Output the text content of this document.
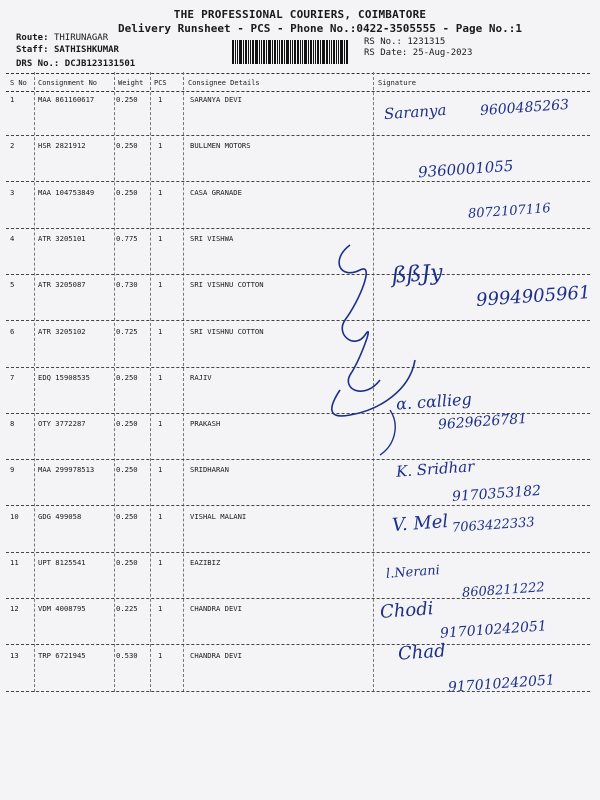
THE PROFESSIONAL COURIERS, COIMBATORE
Delivery Runsheet - PCS - Phone No.:0422-3505555 - Page No.:1
Route: THIRUNAGAR
Staff: SATHISHKUMAR
DRS No.: DCJB123131501
RS No.: 1231315
RS Date: 25-Aug-2023
S No Consignment No	Weight PCS	Consignee Details	Signature
1	MAA 861160617	0.250	1	SARANYA DEVI
2	HSR 2821912	0.250	1	BULLMEN MOTORS
3	MAA 104753849	0.250	1	CASA GRANADE
4	ATR 3205101	0.775	1	SRI VISHWA
5	ATR 3205087	0.730	1	SRI VISHNU COTTON
6	ATR 3205102	0.725	1	SRI VISHNU COTTON
7	EDQ 15908535	0.250	1	RAJIV
8	OTY 3772287	0.250	1	PRAKASH
9	MAA 299978513	0.250	1	SRIDHARAN
10	GDG 499058	0.250	1	VISHAL MALANI
11	UPT 8125541	0.250	1	EAZIBIZ
12	VDM 4008795	0.225	1	CHANDRA DEVI
13	TRP 6721945	0.530	1	CHANDRA DEVI
Saranya 9600485263
9360001055
8072107116
ßßJy
9994905961
ɑ. cɑllieg
9629626781
K. Sridhar
9170353182
V. Mel 7063422333
l.Nerani
8608211222
Chodi
917010242051
Chad
917010242051
